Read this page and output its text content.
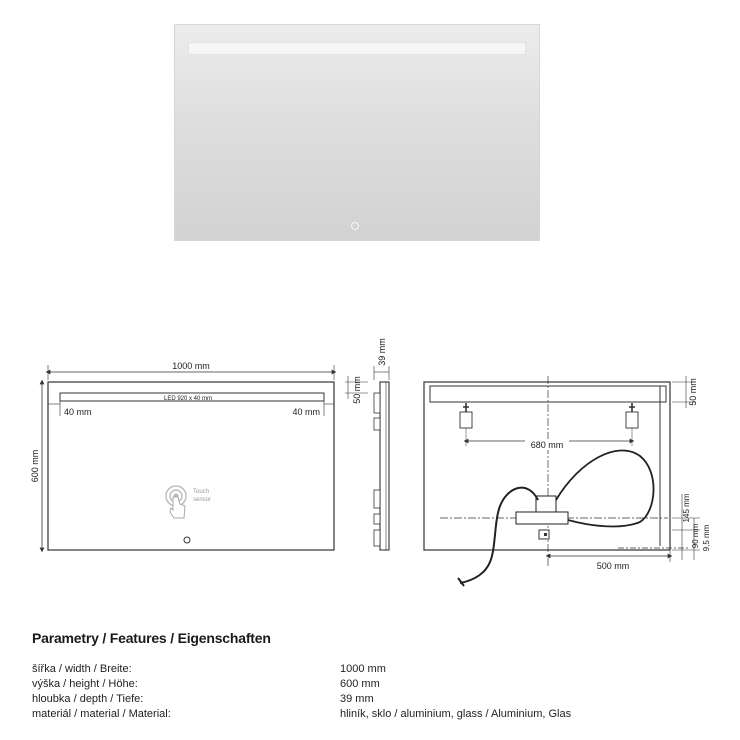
LED 920 x 40 mm
1000 mm
600 mm
40 mm	40 mm
Touch
sensor
39 mm
50 mm
680 mm
50 mm
145 mm
90 mm 9,5 mm
500 mm
Parametry / Features / Eigenschaften
šířka / width / Breite:	1000 mm
výška / height / Höhe:	600 mm
hloubka / depth / Tiefe:	39 mm
materiál / material / Material:	hliník, sklo / aluminium, glass / Aluminium, Glas
